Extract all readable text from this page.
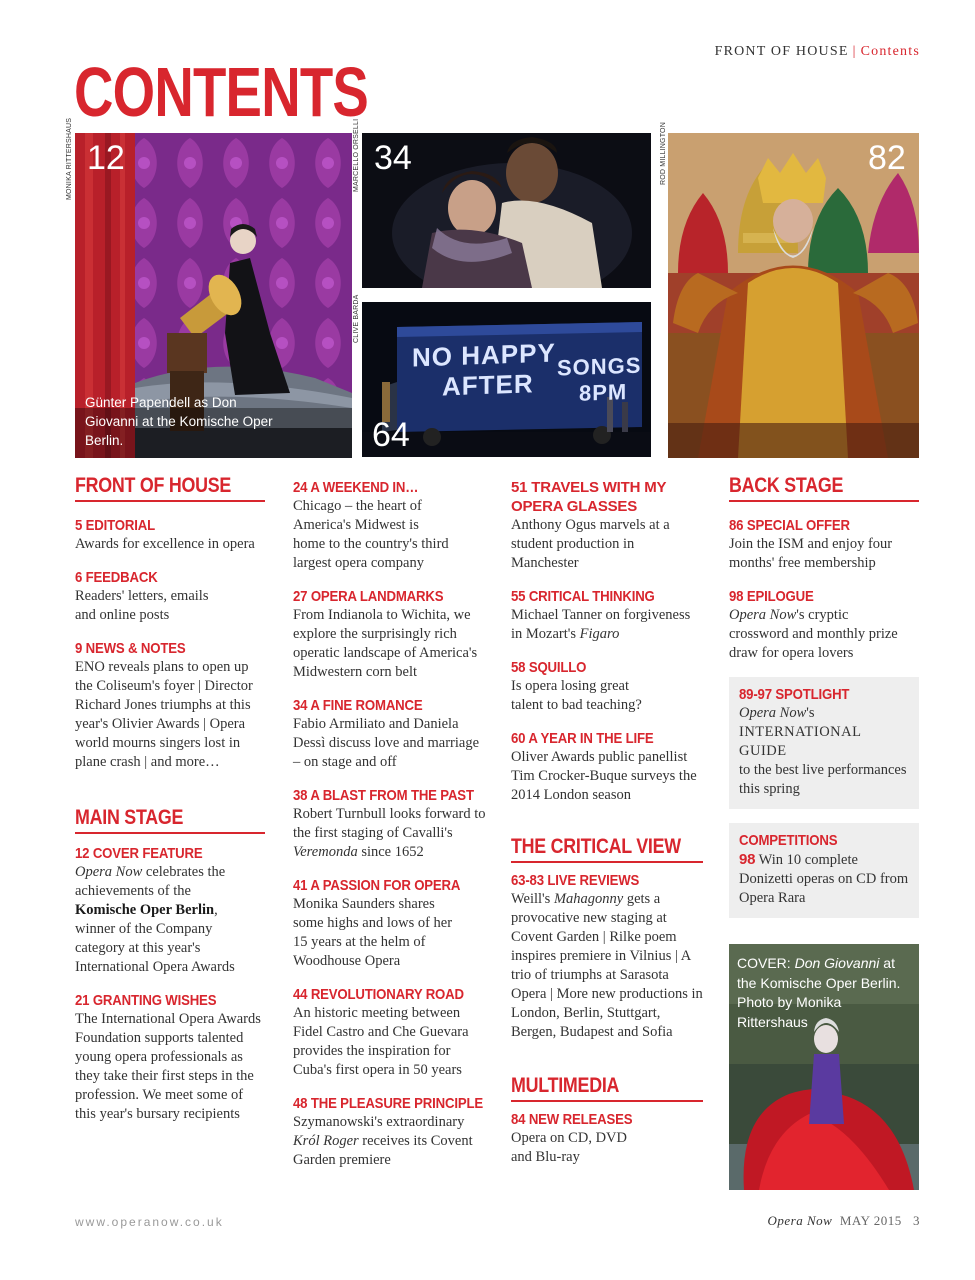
FRONT OF HOUSE | Contents
CONTENTS
MONIKA RITTERSHAUS 12
Günter Papendell as Don Giovanni at the Komische Oper Berlin.
MARCELLO ORSELLI 34
CLIVE BARDA
NO HAPPY
AFTER
SONGS
8PM
64
ROD MILLINGTON	82
FRONT OF HOUSE
5 EDITORIAL
Awards for excellence in opera
6 FEEDBACK
Readers' letters, emails and online posts
9 NEWS & NOTES
ENO reveals plans to open up the Coliseum's foyer | Director Richard Jones triumphs at this year's Olivier Awards | Opera world mourns singers lost in plane crash | and more…
MAIN STAGE
12 COVER FEATURE
Opera Now celebrates the achievements of the Komische Oper Berlin, winner of the Company category at this year's International Opera Awards
21 GRANTING WISHES
The International Opera Awards Foundation supports talented young opera professionals as they take their first steps in the profession. We meet some of this year's bursary recipients
24 A WEEKEND IN…
Chicago – the heart of America's Midwest is home to the country's third largest opera company
27 OPERA LANDMARKS
From Indianola to Wichita, we explore the surprisingly rich operatic landscape of America's Midwestern corn belt
34 A FINE ROMANCE
Fabio Armiliato and Daniela Dessì discuss love and marriage – on stage and off
38 A BLAST FROM THE PAST
Robert Turnbull looks forward to the first staging of Cavalli's Veremonda since 1652
41 A PASSION FOR OPERA
Monika Saunders shares some highs and lows of her 15 years at the helm of Woodhouse Opera
44 REVOLUTIONARY ROAD
An historic meeting between Fidel Castro and Che Guevara provides the inspiration for Cuba's first opera in 50 years
48 THE PLEASURE PRINCIPLE
Szymanowski's extraordinary Król Roger receives its Covent Garden premiere
51 TRAVELS WITH MY OPERA GLASSES
Anthony Ogus marvels at a student production in Manchester
55 CRITICAL THINKING
Michael Tanner on forgiveness in Mozart's Figaro
58 SQUILLO
Is opera losing great talent to bad teaching?
60 A YEAR IN THE LIFE
Oliver Awards public panellist Tim Crocker-Buque surveys the 2014 London season
THE CRITICAL VIEW
63-83 LIVE REVIEWS
Weill's Mahagonny gets a provocative new staging at Covent Garden | Rilke poem inspires premiere in Vilnius | A trio of triumphs at Sarasota Opera | More new productions in London, Berlin, Stuttgart, Bergen, Budapest and Sofia
MULTIMEDIA
84 NEW RELEASES
Opera on CD, DVD and Blu-ray
BACK STAGE
86 SPECIAL OFFER
Join the ISM and enjoy four months' free membership
98 EPILOGUE
Opera Now's cryptic crossword and monthly prize draw for opera lovers
89-97 SPOTLIGHT
Opera Now's
INTERNATIONAL GUIDE
to the best live performances this spring
COMPETITIONS
98 Win 10 complete Donizetti operas on CD from Opera Rara
COVER: Don Giovanni at the Komische Oper Berlin. Photo by Monika Rittershaus
www.operanow.co.uk	Opera Now MAY 2015 3
